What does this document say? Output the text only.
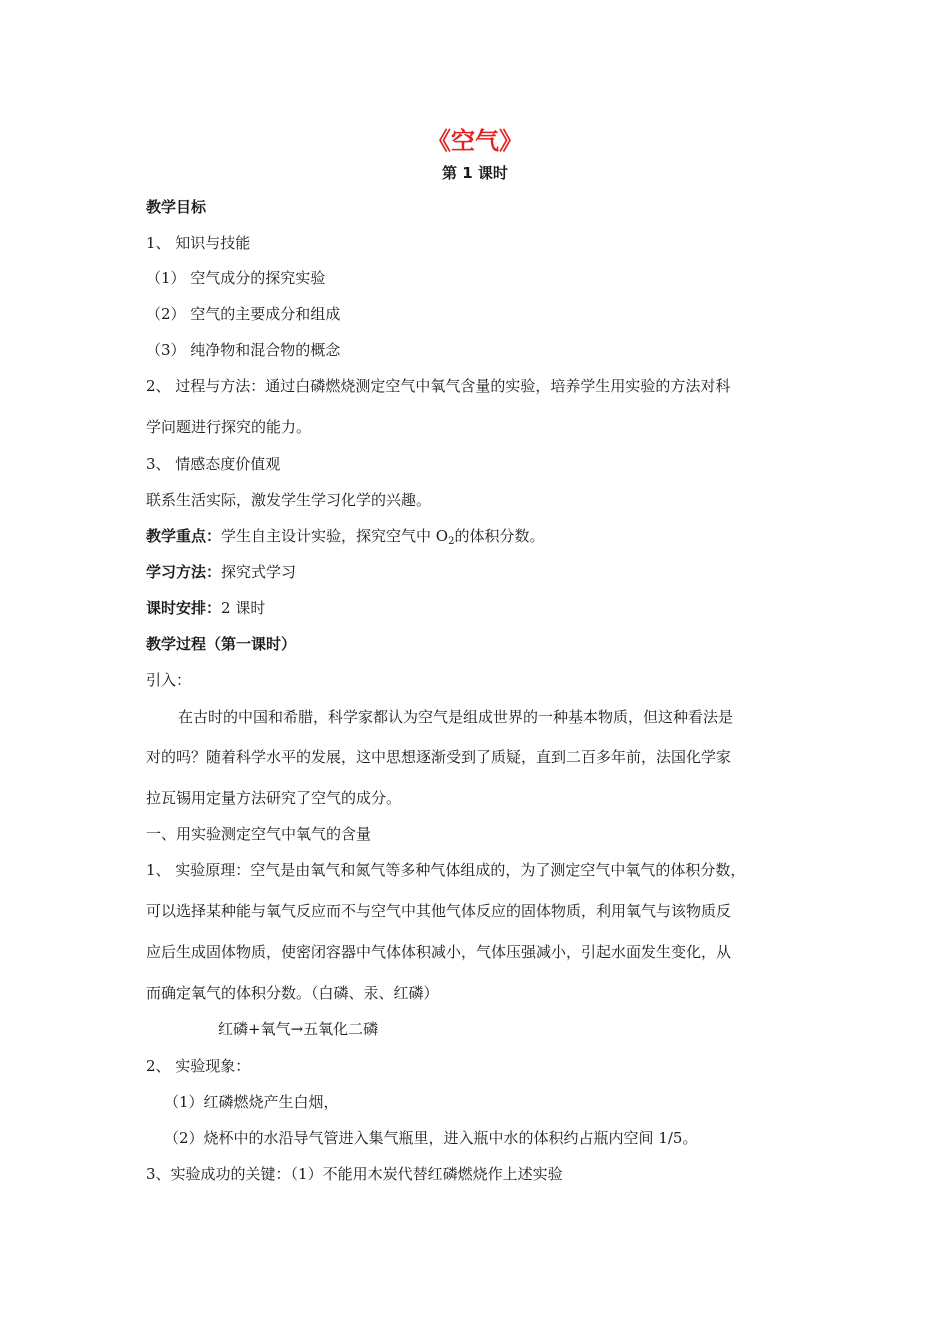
《空气》
第 1 课时
教学目标
1、 知识与技能
（1） 空气成分的探究实验
（2） 空气的主要成分和组成
（3） 纯净物和混合物的概念
2、 过程与方法：通过白磷燃烧测定空气中氧气含量的实验，培养学生用实验的方法对科
学问题进行探究的能力。
3、 情感态度价值观
联系生活实际，激发学生学习化学的兴趣。
教学重点：学生自主设计实验，探究空气中 $O_2$的体积分数。
学习方法：探究式学习
课时安排：2 课时
教学过程（第一课时）
引入：
在古时的中国和希腊，科学家都认为空气是组成世界的一种基本物质，但这种看法是
对的吗？随着科学水平的发展，这中思想逐渐受到了质疑，直到二百多年前，法国化学家
拉瓦锡用定量方法研究了空气的成分。
一、用实验测定空气中氧气的含量
1、 实验原理：空气是由氧气和氮气等多种气体组成的，为了测定空气中氧气的体积分数，
可以选择某种能与氧气反应而不与空气中其他气体反应的固体物质，利用氧气与该物质反
应后生成固体物质，使密闭容器中气体体积减小，气体压强减小，引起水面发生变化，从
而确定氧气的体积分数。（白磷、汞、红磷）
红磷+氧气→五氧化二磷
2、 实验现象：
（1）红磷燃烧产生白烟，
（2）烧杯中的水沿导气管进入集气瓶里，进入瓶中水的体积约占瓶内空间 1/5。
3、实验成功的关键：（1）不能用木炭代替红磷燃烧作上述实验
